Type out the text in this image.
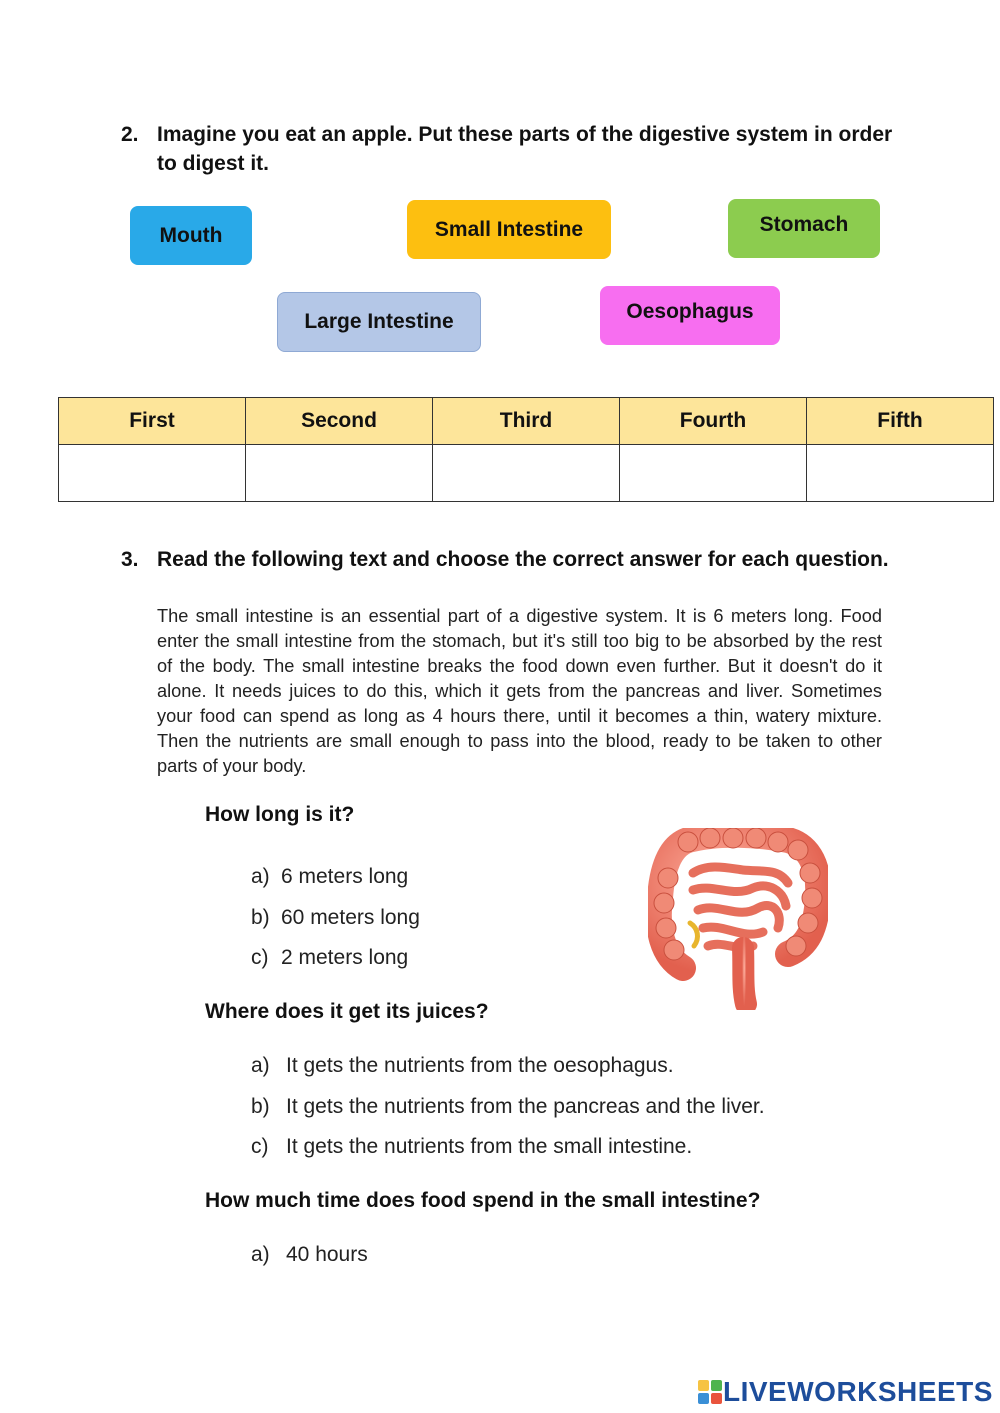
2. Imagine you eat an apple. Put these parts of the digestive system in order to digest it.
Mouth	Small Intestine	Stomach
Large Intestine	Oesophagus
First	Second	Third	Fourth	Fifth

3. Read the following text and choose the correct answer for each question.
The small intestine is an essential part of a digestive system. It is 6 meters long. Food enter the small intestine from the stomach, but it's still too big to be absorbed by the rest of the body. The small intestine breaks the food down even further. But it doesn't do it alone. It needs juices to do this, which it gets from the pancreas and liver. Sometimes your food can spend as long as 4 hours there, until it becomes a thin, watery mixture. Then the nutrients are small enough to pass into the blood, ready to be taken to other parts of your body.
How long is it?
a) 6 meters long
b) 60 meters long
c) 2 meters long
Where does it get its juices?
a) It gets the nutrients from the oesophagus.
b) It gets the nutrients from the pancreas and the liver.
c) It gets the nutrients from the small intestine.
How much time does food spend in the small intestine?
a) 40 hours
LIVEWORKSHEETS
